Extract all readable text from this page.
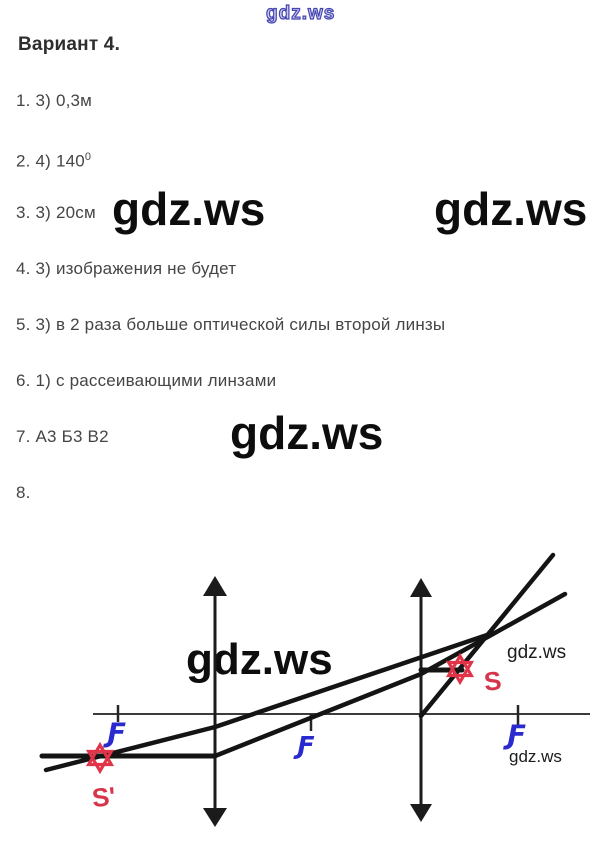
Вариант 4.
1. 3) 0,3м
2. 4) $140^0$
3. 3) 20см
4. 3) изображения не будет
5. 3) в 2 раза больше оптической силы второй линзы
6. 1) с рассеивающими линзами
7. А3 Б3 В2
8.
gdz.ws
gdz.ws	gdz.ws
gdz.ws
gdz.ws	gdz.ws
gdz.ws
Ƒ	Ƒ	Ƒ
S'
S
